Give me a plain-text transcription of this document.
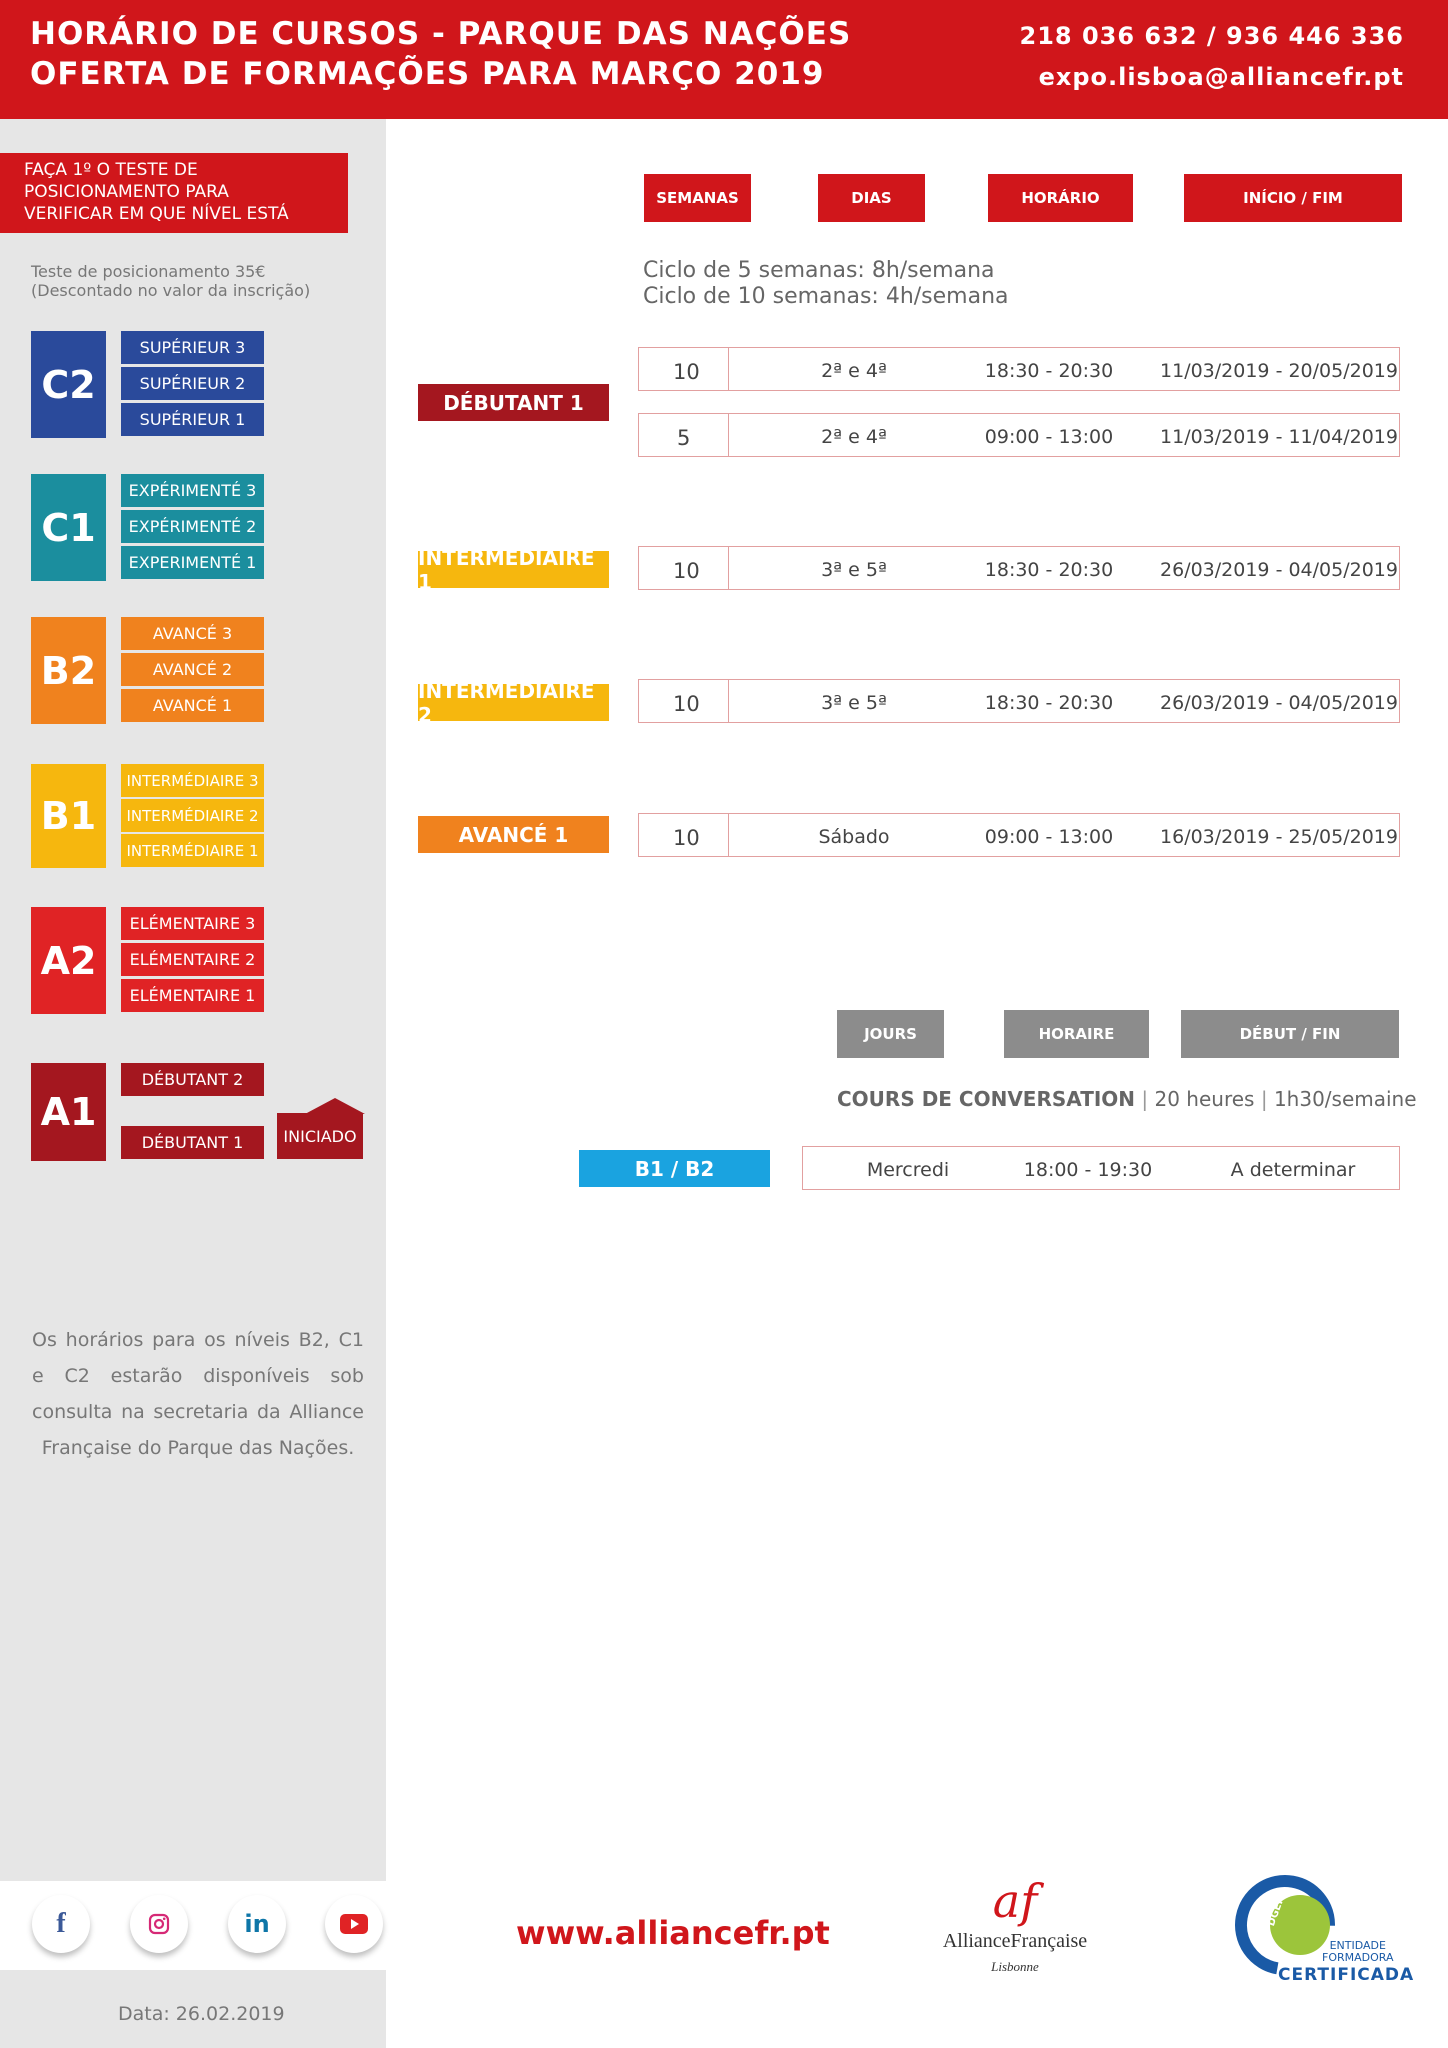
HORÁRIO DE CURSOS - PARQUE DAS NAÇÕES
OFERTA DE FORMAÇÕES PARA MARÇO 2019
218 036 632 / 936 446 336
expo.lisboa@alliancefr.pt
FAÇA 1º O TESTE DE
POSICIONAMENTO PARA
VERIFICAR EM QUE NÍVEL ESTÁ
Teste de posicionamento 35€
(Descontado no valor da inscrição)
C2
SUPÉRIEUR 3
SUPÉRIEUR 2
SUPÉRIEUR 1
C1
EXPÉRIMENTÉ 3
EXPÉRIMENTÉ 2
EXPERIMENTÉ 1
B2
AVANCÉ 3
AVANCÉ 2
AVANCÉ 1
B1
INTERMÉDIAIRE 3
INTERMÉDIAIRE 2
INTERMÉDIAIRE 1
A2
ELÉMENTAIRE 3
ELÉMENTAIRE 2
ELÉMENTAIRE 1
A1
DÉBUTANT 2
DÉBUTANT 1	INICIADO
Os horários para os níveis B2, C1 e C2 estarão disponíveis sob consulta na secretaria da Alliance Française do Parque das Nações.
SEMANAS	DIAS	HORÁRIO	INÍCIO / FIM
Ciclo de 5 semanas: 8h/semana
Ciclo de 10 semanas: 4h/semana
DÉBUTANT 1
10	2ª e 4ª	18:30 - 20:30	11/03/2019 - 20/05/2019
5	2ª e 4ª	09:00 - 13:00	11/03/2019 - 11/04/2019
INTERMÉDIAIRE 1	10	3ª e 5ª	18:30 - 20:30	26/03/2019 - 04/05/2019
INTERMÉDIAIRE 2	10	3ª e 5ª	18:30 - 20:30	26/03/2019 - 04/05/2019
AVANCÉ 1	10	Sábado	09:00 - 13:00	16/03/2019 - 25/05/2019
JOURS	HORAIRE	DÉBUT / FIN
COURS DE CONVERSATION | 20 heures | 1h30/semaine
B1 / B2	Mercredi	18:00 - 19:30	A determinar
f	in
Data: 26.02.2019
www.alliancefr.pt
af
AllianceFrançaise
Lisbonne
DGERT
ENTIDADE
FORMADORA
CERTIFICADA
